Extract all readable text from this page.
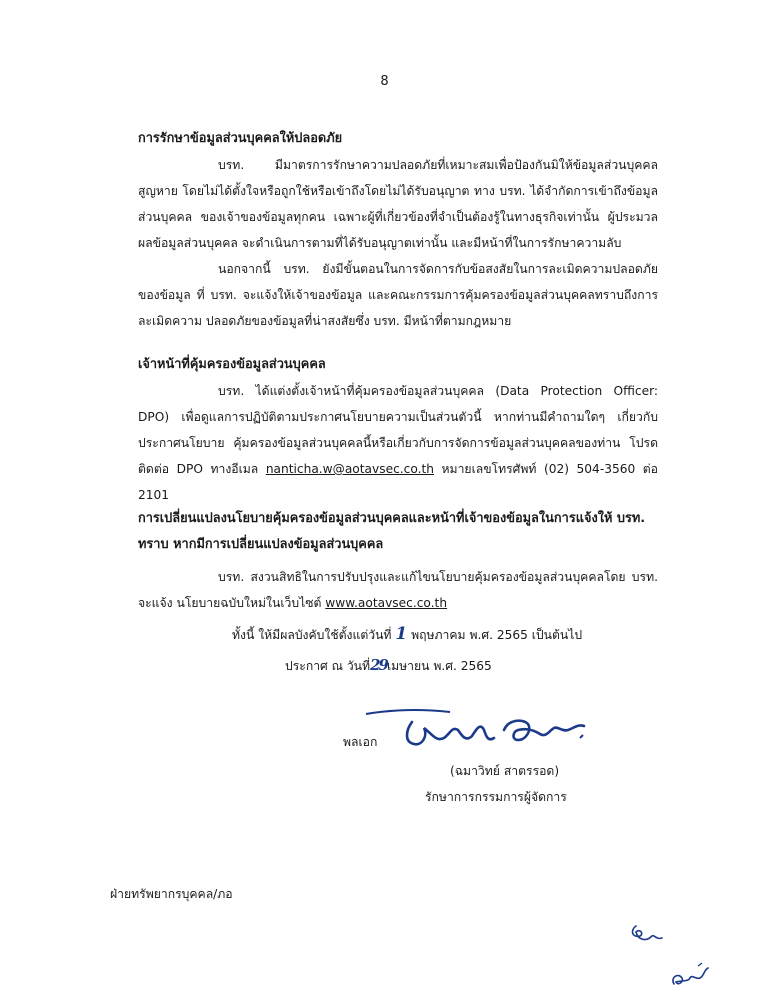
8

การรักษาข้อมูลส่วนบุคคลให้ปลอดภัย

บรท. มีมาตรการรักษาความปลอดภัยที่เหมาะสมเพื่อป้องกันมิให้ข้อมูลส่วนบุคคลสูญหาย โดยไม่ได้ตั้งใจหรือถูกใช้หรือเข้าถึงโดยไม่ได้รับอนุญาต ทาง บรท. ได้จำกัดการเข้าถึงข้อมูลส่วนบุคคล ของเจ้าของข้อมูลทุกคน เฉพาะผู้ที่เกี่ยวข้องที่จำเป็นต้องรู้ในทางธุรกิจเท่านั้น ผู้ประมวลผลข้อมูลส่วนบุคคล จะดำเนินการตามที่ได้รับอนุญาตเท่านั้น และมีหน้าที่ในการรักษาความลับ

นอกจากนี้ บรท. ยังมีขั้นตอนในการจัดการกับข้อสงสัยในการละเมิดความปลอดภัยของข้อมูล ที่ บรท. จะแจ้งให้เจ้าของข้อมูล และคณะกรรมการคุ้มครองข้อมูลส่วนบุคคลทราบถึงการละเมิดความ ปลอดภัยของข้อมูลที่น่าสงสัยซึ่ง บรท. มีหน้าที่ตามกฎหมาย

เจ้าหน้าที่คุ้มครองข้อมูลส่วนบุคคล

บรท. ได้แต่งตั้งเจ้าหน้าที่คุ้มครองข้อมูลส่วนบุคคล (Data Protection Officer: DPO) เพื่อดูแลการปฏิบัติตามประกาศนโยบายความเป็นส่วนตัวนี้ หากท่านมีคำถามใดๆ เกี่ยวกับประกาศนโยบาย คุ้มครองข้อมูลส่วนบุคคลนี้หรือเกี่ยวกับการจัดการข้อมูลส่วนบุคคลของท่าน โปรดติดต่อ DPO ทางอีเมล nanticha.w@aotavsec.co.th หมายเลขโทรศัพท์ (02) 504-3560 ต่อ 2101

การเปลี่ยนแปลงนโยบายคุ้มครองข้อมูลส่วนบุคคลและหน้าที่เจ้าของข้อมูลในการแจ้งให้ บรท. ทราบ หากมีการเปลี่ยนแปลงข้อมูลส่วนบุคคล

บรท. สงวนสิทธิในการปรับปรุงและแก้ไขนโยบายคุ้มครองข้อมูลส่วนบุคคลโดย บรท. จะแจ้ง นโยบายฉบับใหม่ในเว็บไซต์ www.aotavsec.co.th

ทั้งนี้ ให้มีผลบังคับใช้ตั้งแต่วันที่ 1 พฤษภาคม พ.ศ. 2565 เป็นต้นไป
ประกาศ ณ วันที่29เมษายน พ.ศ. 2565
พลเอก
(ฉมาวิทย์ สาตรรอด)
รักษาการกรรมการผู้จัดการ
ฝ่ายทรัพยากรบุคคล/ภอ
